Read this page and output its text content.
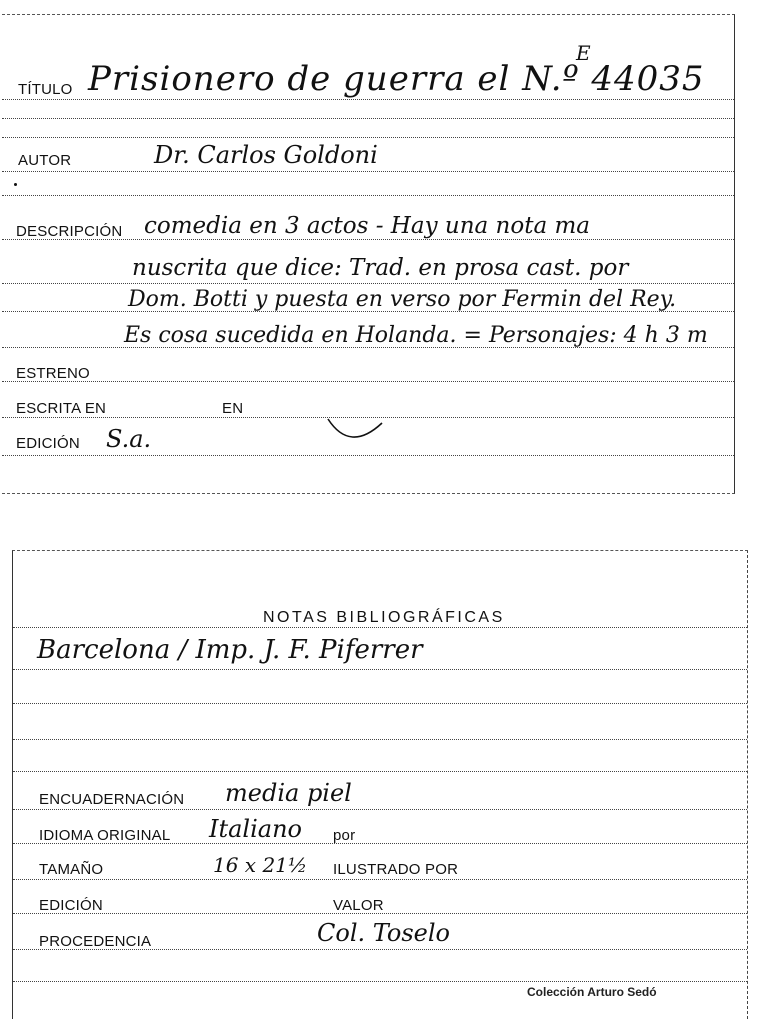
TÍTULO Prisionero de guerra el N.º 44035
E
AUTOR	Dr. Carlos Goldoni
DESCRIPCIÓN comedia en 3 actos - Hay una nota ma
nuscrita que dice: Trad. en prosa cast. por
Dom. Botti y puesta en verso por Fermin del Rey.
Es cosa sucedida en Holanda. = Personajes: 4 h 3 m
ESTRENO
ESCRITA EN	EN
EDICIÓN S.a.
NOTAS BIBLIOGRÁFICAS
Barcelona / Imp. J. F. Piferrer
ENCUADERNACIÓN media piel
IDIOMA ORIGINAL Italiano por
TAMAÑO	16 x 21½ ILUSTRADO POR
EDICIÓN	VALOR
PROCEDENCIA	Col. Toselo
Colección Arturo Sedó
